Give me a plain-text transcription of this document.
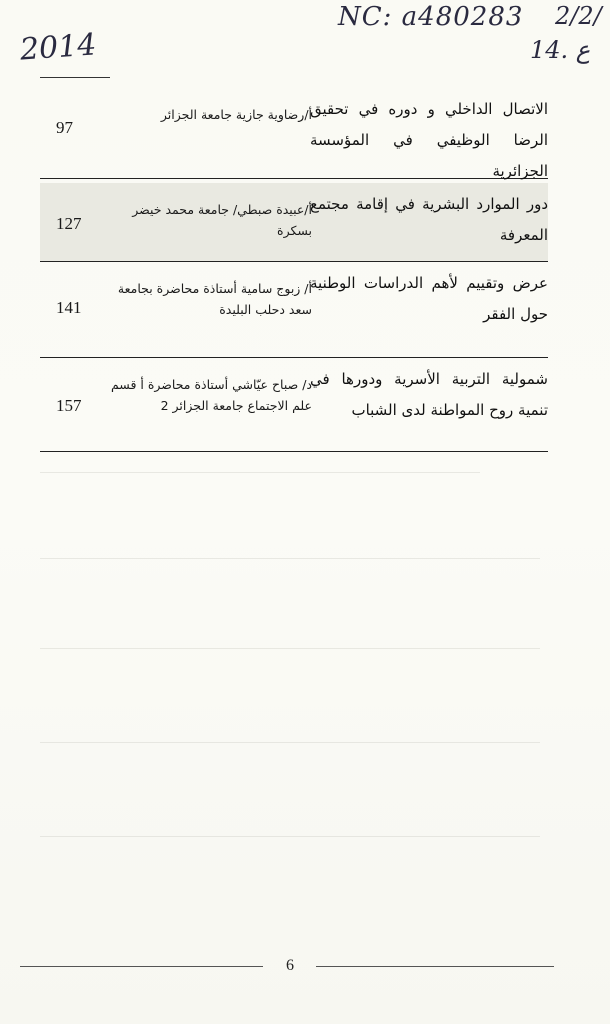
2014
NC: a480283 2/2/
14. ع
الاتصال الداخلي و دوره في تحقيق الرضا الوظيفي في المؤسسة الجزائرية
أ/رضاوية جازية جامعة الجزائر
97
دور الموارد البشرية في إقامة مجتمع المعرفة
أ/عبيدة صبطي/ جامعة محمد خيضر بسكرة
127
عرض وتقييم لأهم الدراسات الوطنية حول الفقر
أ/ زبوج سامية أستاذة محاضرة بجامعة سعد دحلب البليدة
141
شمولية التربية الأسرية ودورها في تنمية روح المواطنة لدى الشباب
د/ صباح عيّاشي أستاذة محاضرة أ قسم علم الاجتماع جامعة الجزائر 2
157
6
